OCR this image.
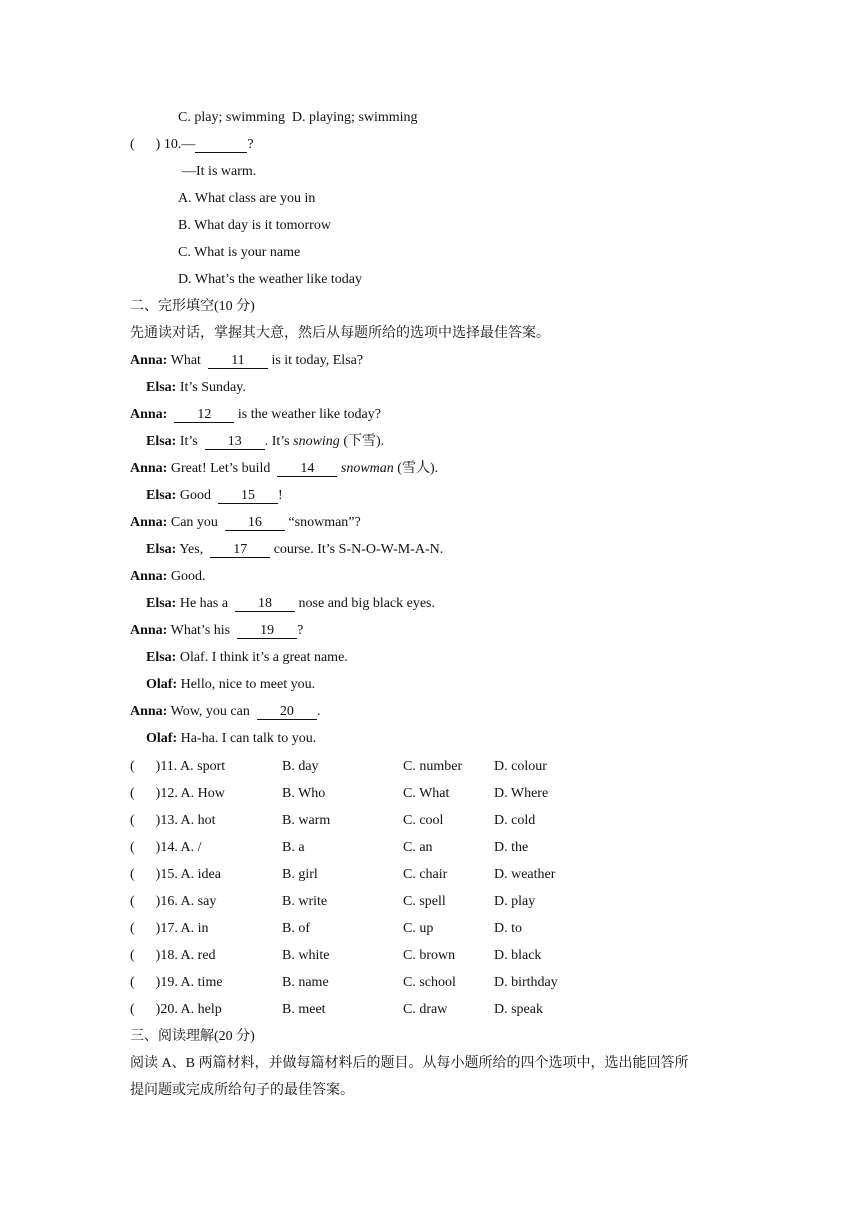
C. play; swimming  D. playing; swimming
(      ) 10.—	?
—It is warm.
A. What class are you in
B. What day is it tomorrow
C. What is your name
D. What’s the weather like today
二、完形填空(10 分)
先通读对话，掌握其大意，然后从每题所给的选项中选择最佳答案。
Anna: What  11 is it today, Elsa?
Elsa: It’s Sunday.
Anna: 12 is the weather like today?
Elsa: It’s  13 . It’s snowing (下雪).
Anna: Great! Let’s build  14 snowman (雪人).
Elsa: Good  15 !
Anna: Can you  16 “snowman”?
Elsa: Yes,  17 course. It’s S-N-O-W-M-A-N.
Anna: Good.
Elsa: He has a  18 nose and big black eyes.
Anna: What’s his  19 ?
Elsa: Olaf. I think it’s a great name.
Olaf: Hello, nice to meet you.
Anna: Wow, you can  20 .
Olaf: Ha-ha. I can talk to you.
(      )11. A. sport	B. day	C. number D. colour
(      )12. A. How	B. Who	C. What	D. Where
(      )13. A. hot	B. warm	C. cool	D. cold
(      )14. A. /	B. a	C. an	D. the
(      )15. A. idea	B. girl	C. chair	D. weather
(      )16. A. say	B. write	C. spell	D. play
(      )17. A. in	B. of	C. up	D. to
(      )18. A. red	B. white	C. brown	D. black
(      )19. A. time	B. name	C. school	D. birthday
(      )20. A. help	B. meet	C. draw	D. speak
三、阅读理解(20 分)
阅读 A、B 两篇材料，并做每篇材料后的题目。从每小题所给的四个选项中，选出能回答所
提问题或完成所给句子的最佳答案。
